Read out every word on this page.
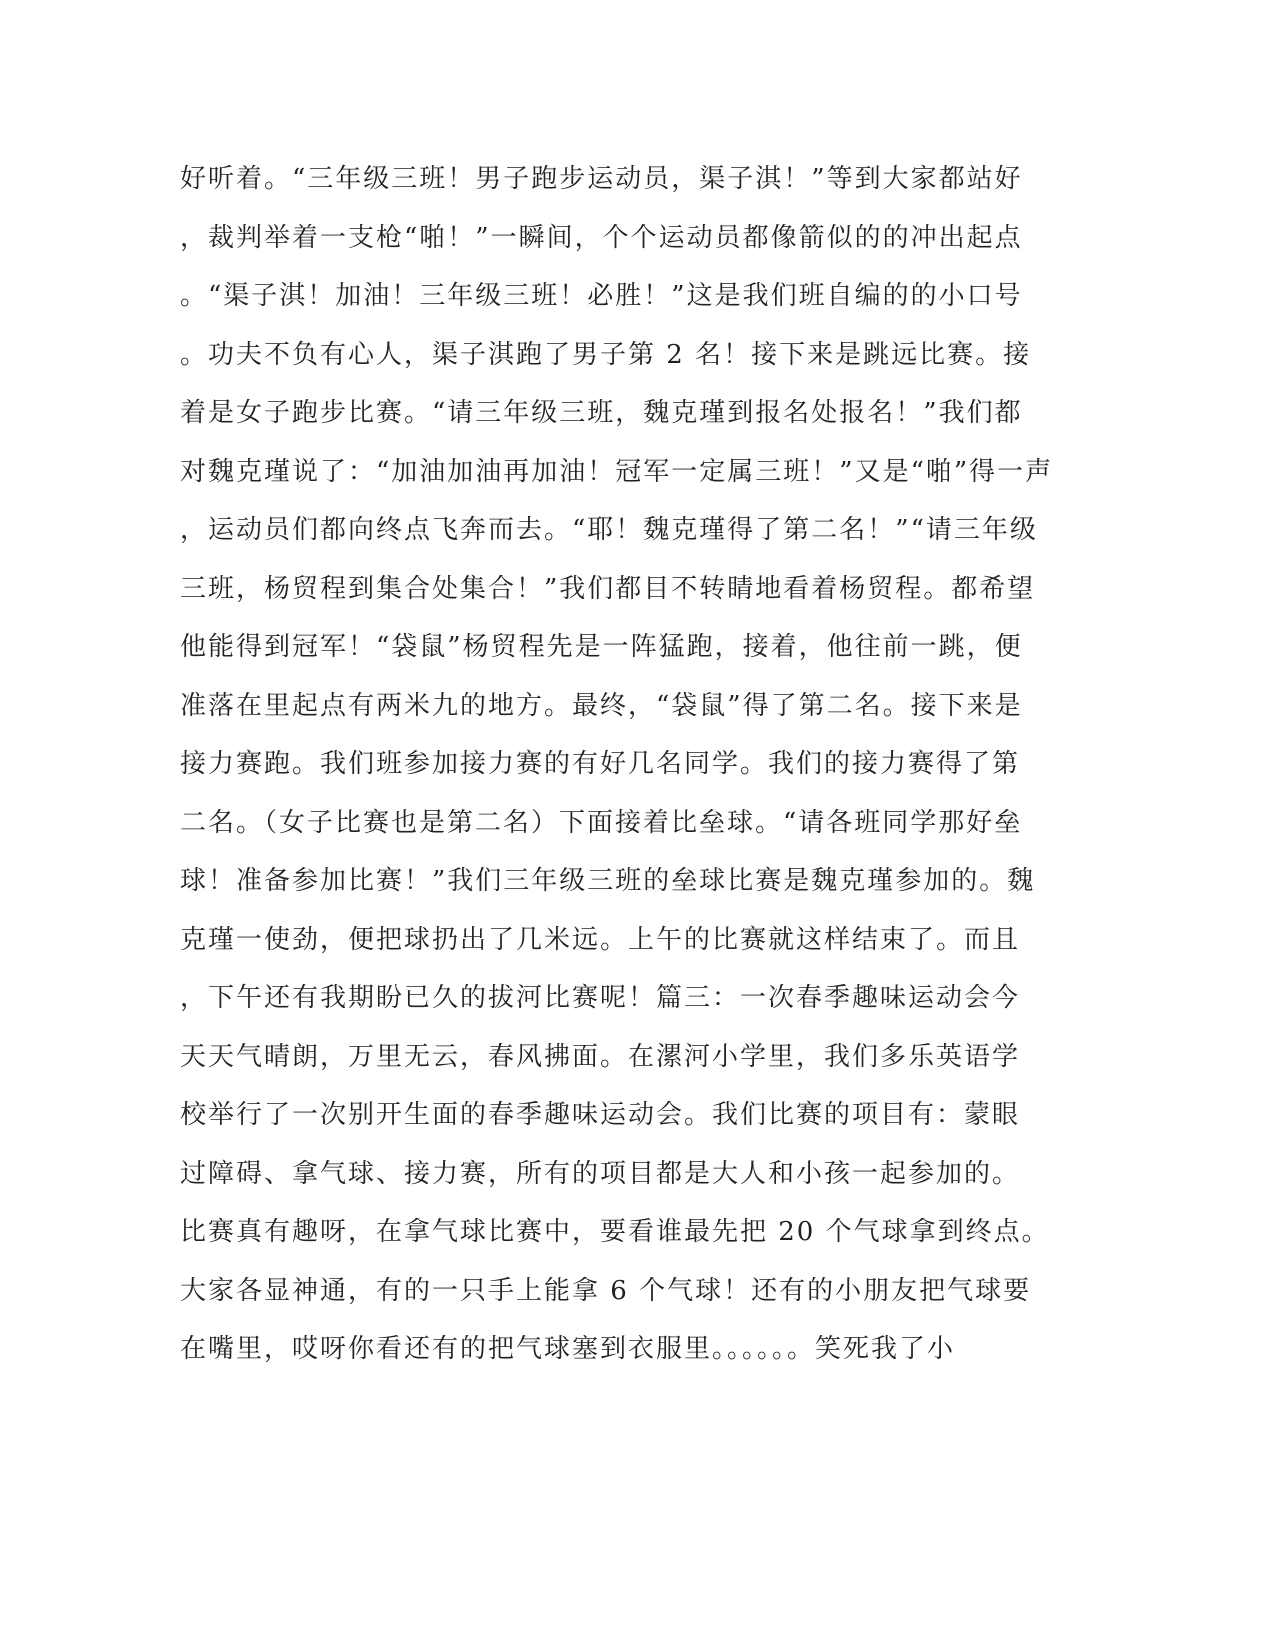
好听着。“三年级三班！男子跑步运动员，渠子淇！”等到大家都站好
，裁判举着一支枪“啪！”一瞬间，个个运动员都像箭似的的冲出起点
。“渠子淇！加油！三年级三班！必胜！”这是我们班自编的的小口号
。功夫不负有心人，渠子淇跑了男子第 2 名！接下来是跳远比赛。接
着是女子跑步比赛。“请三年级三班，魏克瑾到报名处报名！”我们都
对魏克瑾说了：“加油加油再加油！冠军一定属三班！”又是“啪”得一声
，运动员们都向终点飞奔而去。“耶！魏克瑾得了第二名！”“请三年级
三班，杨贸程到集合处集合！”我们都目不转睛地看着杨贸程。都希望
他能得到冠军！“袋鼠”杨贸程先是一阵猛跑，接着，他往前一跳，便
准落在里起点有两米九的地方。最终，“袋鼠”得了第二名。接下来是
接力赛跑。我们班参加接力赛的有好几名同学。我们的接力赛得了第
二名。（女子比赛也是第二名）下面接着比垒球。“请各班同学那好垒
球！准备参加比赛！”我们三年级三班的垒球比赛是魏克瑾参加的。魏
克瑾一使劲，便把球扔出了几米远。上午的比赛就这样结束了。而且
，下午还有我期盼已久的拔河比赛呢！篇三：一次春季趣味运动会今
天天气晴朗，万里无云，春风拂面。在漯河小学里，我们多乐英语学
校举行了一次别开生面的春季趣味运动会。我们比赛的项目有：蒙眼
过障碍、拿气球、接力赛，所有的项目都是大人和小孩一起参加的。
比赛真有趣呀，在拿气球比赛中，要看谁最先把 20 个气球拿到终点。
大家各显神通，有的一只手上能拿 6 个气球！还有的小朋友把气球要
在嘴里，哎呀你看还有的把气球塞到衣服里。。。。。。笑死我了小
